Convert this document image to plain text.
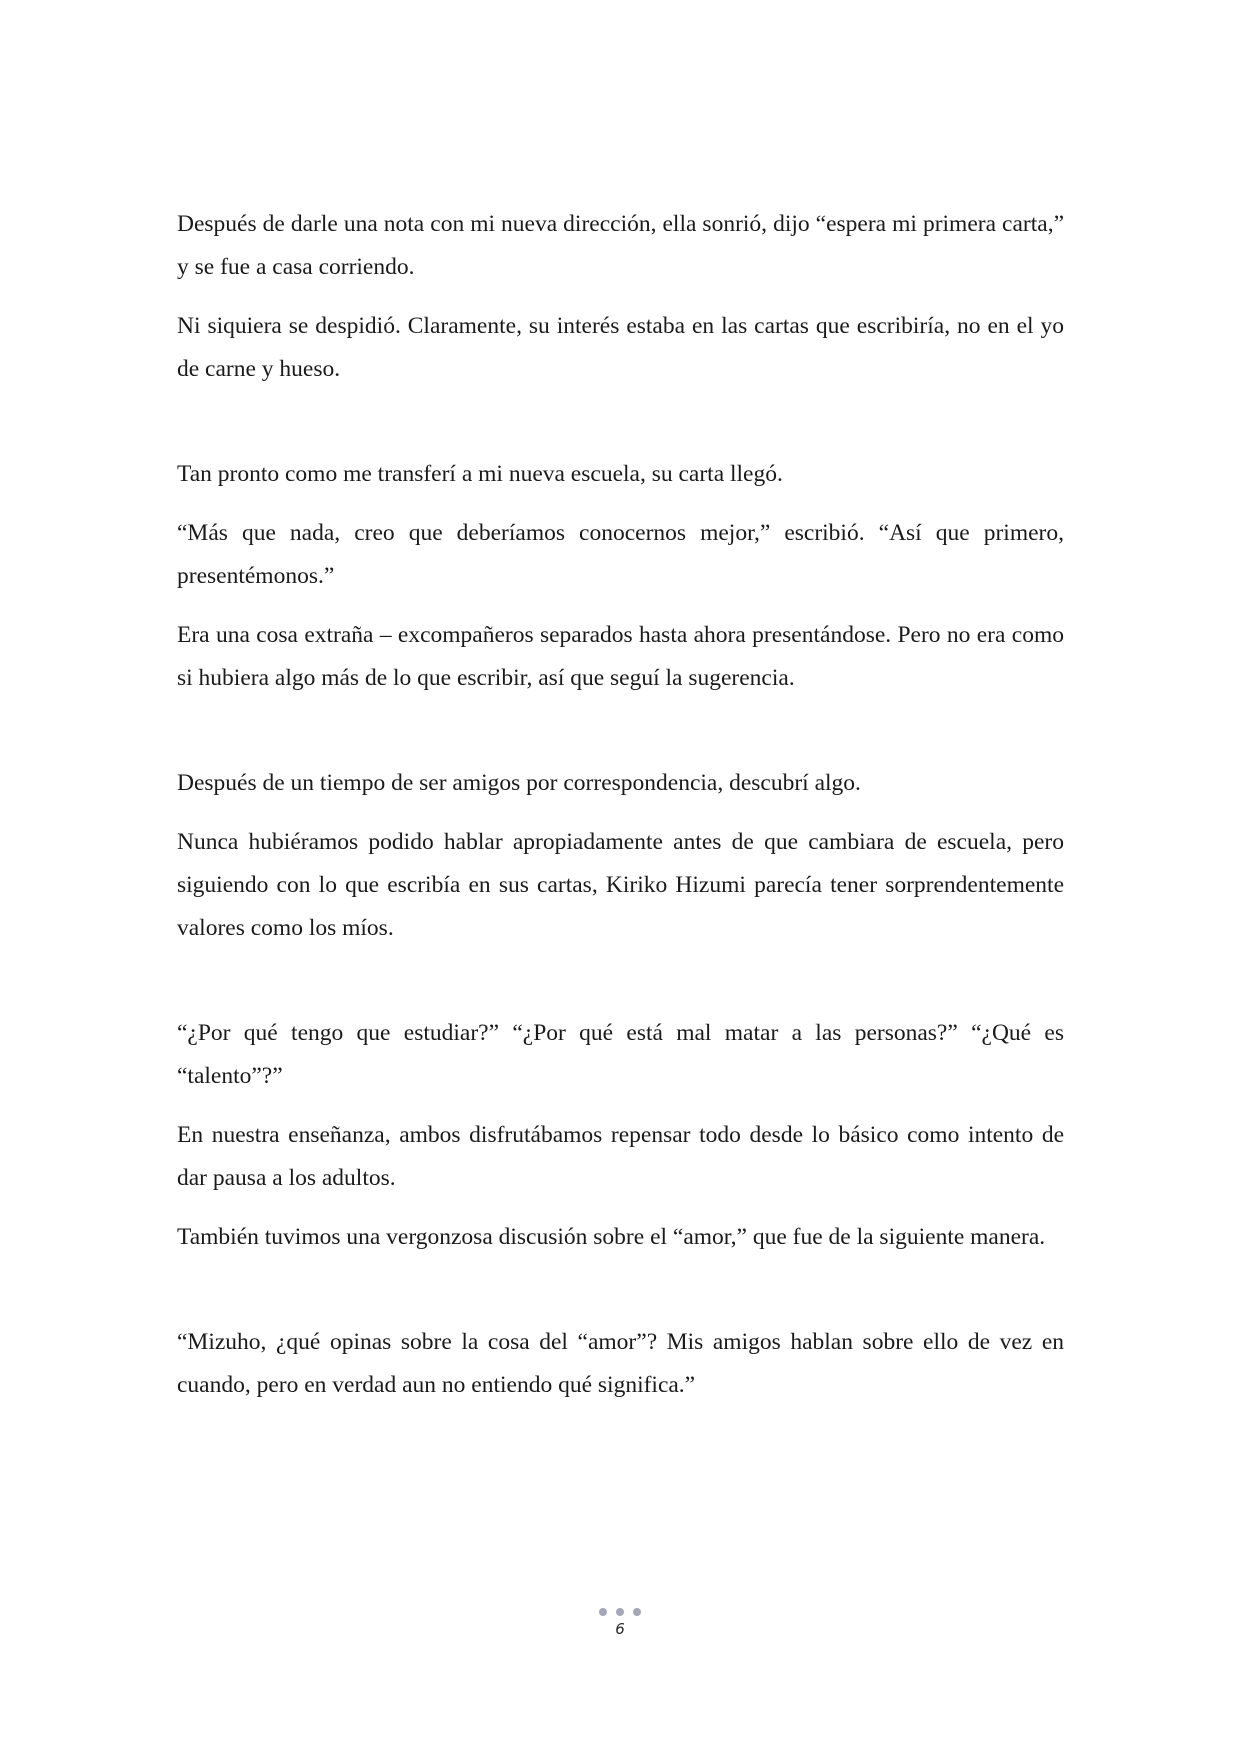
Después de darle una nota con mi nueva dirección, ella sonrió, dijo “espera mi primera carta,” y se fue a casa corriendo.

Ni siquiera se despidió. Claramente, su interés estaba en las cartas que escribiría, no en el yo de carne y hueso.

Tan pronto como me transferí a mi nueva escuela, su carta llegó.

“Más que nada, creo que deberíamos conocernos mejor,” escribió. “Así que primero, presentémonos.”

Era una cosa extraña – excompañeros separados hasta ahora presentándose. Pero no era como si hubiera algo más de lo que escribir, así que seguí la sugerencia.

Después de un tiempo de ser amigos por correspondencia, descubrí algo.

Nunca hubiéramos podido hablar apropiadamente antes de que cambiara de escuela, pero siguiendo con lo que escribía en sus cartas, Kiriko Hizumi parecía tener sorprendentemente valores como los míos.

“¿Por qué tengo que estudiar?” “¿Por qué está mal matar a las personas?” “¿Qué es “talento”?”

En nuestra enseñanza, ambos disfrutábamos repensar todo desde lo básico como intento de dar pausa a los adultos.

También tuvimos una vergonzosa discusión sobre el “amor,” que fue de la siguiente manera.

“Mizuho, ¿qué opinas sobre la cosa del “amor”? Mis amigos hablan sobre ello de vez en cuando, pero en verdad aun no entiendo qué significa.”

6
